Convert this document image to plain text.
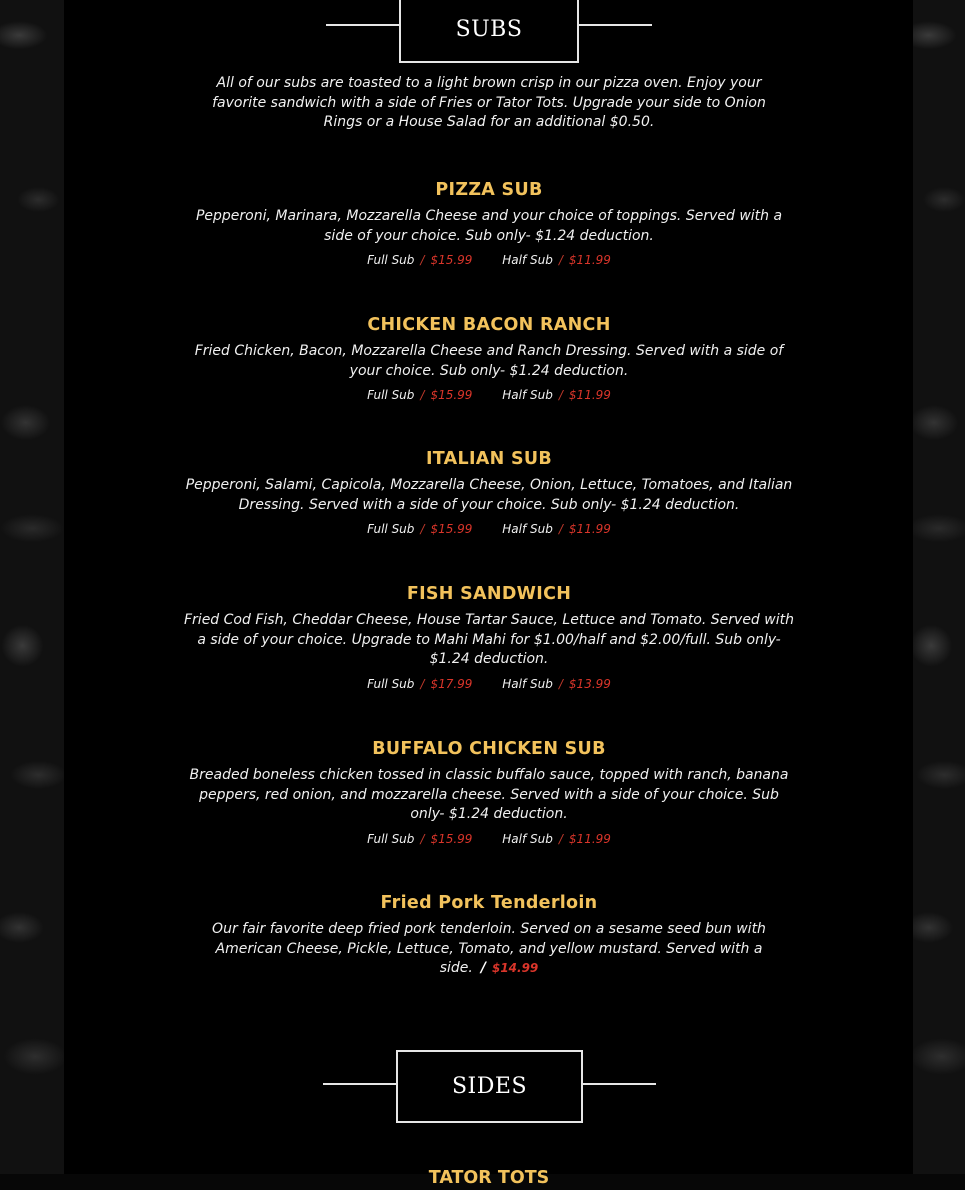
SUBS
All of our subs are toasted to a light brown crisp in our pizza oven. Enjoy your favorite sandwich with a side of Fries or Tator Tots. Upgrade your side to Onion Rings or a House Salad for an additional $0.50.
PIZZA SUB
Pepperoni, Marinara, Mozzarella Cheese and your choice of toppings. Served with a side of your choice. Sub only- $1.24 deduction.
Full Sub / $15.99 Half Sub / $11.99
CHICKEN BACON RANCH
Fried Chicken, Bacon, Mozzarella Cheese and Ranch Dressing. Served with a side of your choice. Sub only- $1.24 deduction.
Full Sub / $15.99 Half Sub / $11.99
ITALIAN SUB
Pepperoni, Salami, Capicola, Mozzarella Cheese, Onion, Lettuce, Tomatoes, and Italian Dressing. Served with a side of your choice. Sub only- $1.24 deduction.
Full Sub / $15.99 Half Sub / $11.99
FISH SANDWICH
Fried Cod Fish, Cheddar Cheese, House Tartar Sauce, Lettuce and Tomato. Served with a side of your choice. Upgrade to Mahi Mahi for $1.00/half and $2.00/full. Sub only- $1.24 deduction.
Full Sub / $17.99 Half Sub / $13.99
BUFFALO CHICKEN SUB
Breaded boneless chicken tossed in classic buffalo sauce, topped with ranch, banana peppers, red onion, and mozzarella cheese. Served with a side of your choice. Sub only- $1.24 deduction.
Full Sub / $15.99 Half Sub / $11.99
Fried Pork Tenderloin
Our fair favorite deep fried pork tenderloin. Served on a sesame seed bun with American Cheese, Pickle, Lettuce, Tomato, and yellow mustard. Served with a side. / $14.99
SIDES
TATOR TOTS
